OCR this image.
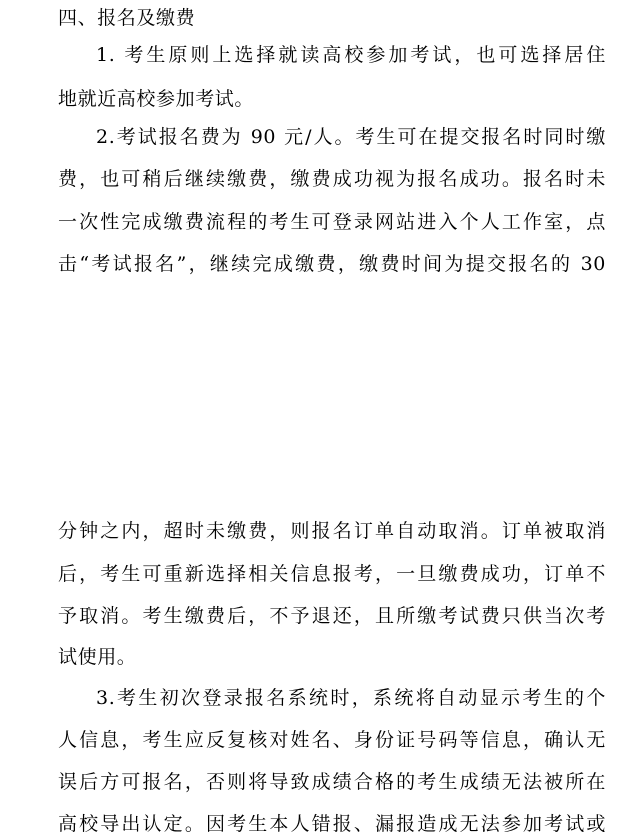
四、报名及缴费
1. 考生原则上选择就读高校参加考试，也可选择居住
地就近高校参加考试。
2.考试报名费为 90 元/人。考生可在提交报名时同时缴
费，也可稍后继续缴费，缴费成功视为报名成功。报名时未
一次性完成缴费流程的考生可登录网站进入个人工作室，点
击“考试报名”，继续完成缴费，缴费时间为提交报名的 30
分钟之内，超时未缴费，则报名订单自动取消。订单被取消
后，考生可重新选择相关信息报考，一旦缴费成功，订单不
予取消。考生缴费后，不予退还，且所缴考试费只供当次考
试使用。
3.考生初次登录报名系统时，系统将自动显示考生的个
人信息，考生应反复核对姓名、身份证号码等信息，确认无
误后方可报名，否则将导致成绩合格的考生成绩无法被所在
高校导出认定。因考生本人错报、漏报造成无法参加考试或
